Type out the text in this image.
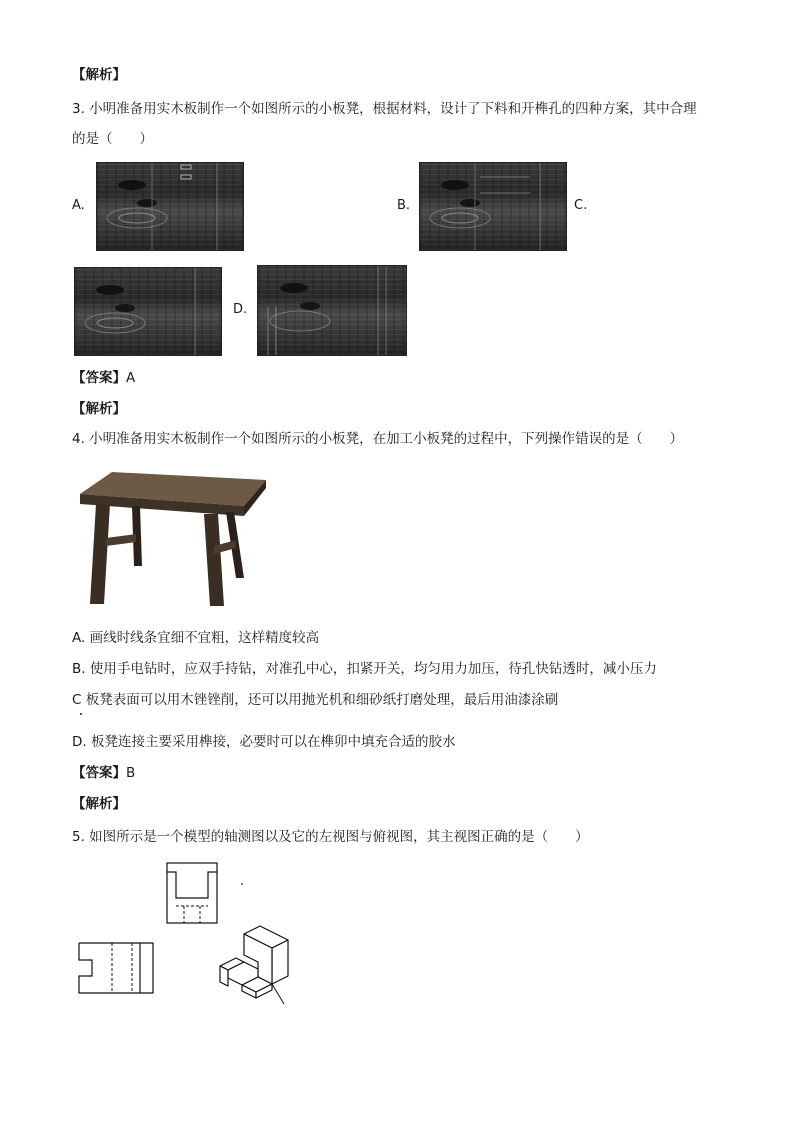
【解析】
3. 小明准备用实木板制作一个如图所示的小板凳，根据材料，设计了下料和开榫孔的四种方案，其中合理
的是（　　）
A.	B.	C.
D.
【答案】A
【解析】
4. 小明准备用实木板制作一个如图所示的小板凳，在加工小板凳的过程中，下列操作错误的是（　　）
A. 画线时线条宜细不宜粗，这样精度较高
B. 使用手电钻时，应双手持钻，对准孔中心，扣紧开关，均匀用力加压，待孔快钻透时，减小压力
C 板凳表面可以用木锉锉削，还可以用抛光机和细砂纸打磨处理，最后用油漆涂刷
D. 板凳连接主要采用榫接，必要时可以在榫卯中填充合适的胶水
【答案】B
【解析】
5. 如图所示是一个模型的轴测图以及它的左视图与俯视图，其主视图正确的是（　　）
